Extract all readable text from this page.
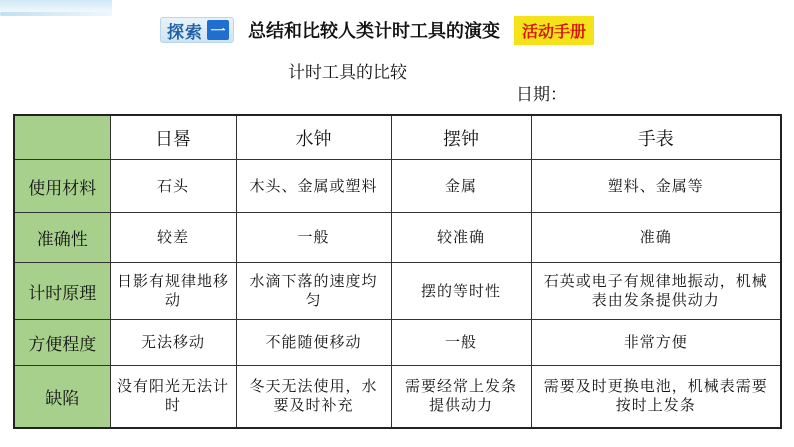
探索 一 总结和比较人类计时工具的演变	活动手册
计时工具的比较
日期：
	日晷	水钟	摆钟	手表
使用材料	石头	木头、金属或塑料	金属	塑料、金属等
准确性	较差	一般	较准确	准确
计时原理	日影有规律地移动	水滴下落的速度均匀	摆的等时性	石英或电子有规律地振动，机械表由发条提供动力
方便程度	无法移动	不能随便移动	一般	非常方便
缺陷	没有阳光无法计时	冬天无法使用，水要及时补充	需要经常上发条提供动力	需要及时更换电池，机械表需要按时上发条
